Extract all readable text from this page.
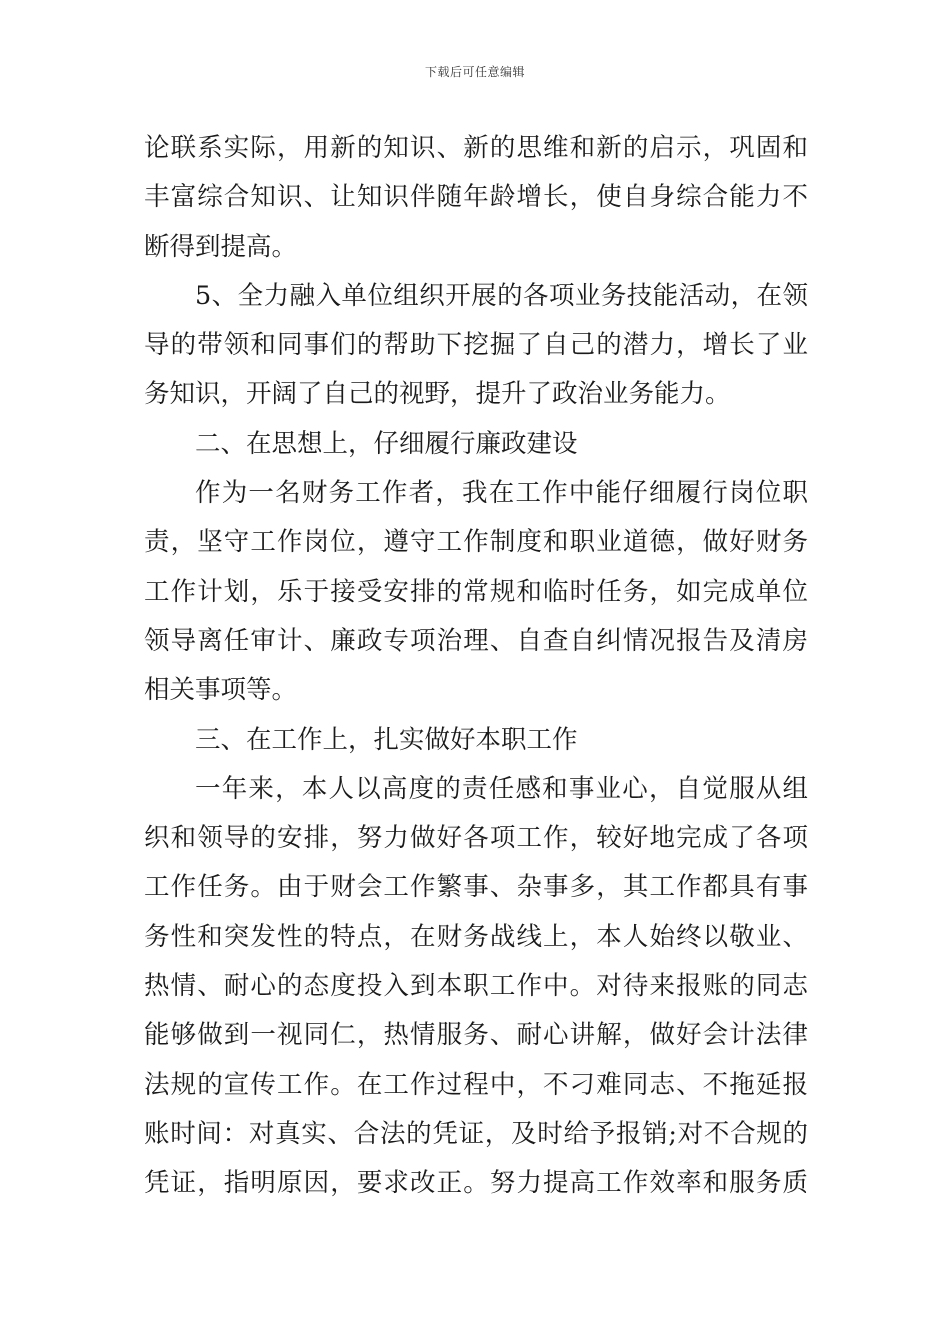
下载后可任意编辑
论联系实际，用新的知识、新的思维和新的启示，巩固和
丰富综合知识、让知识伴随年龄增长，使自身综合能力不
断得到提高。
5、全力融入单位组织开展的各项业务技能活动，在领
导的带领和同事们的帮助下挖掘了自己的潜力，增长了业
务知识，开阔了自己的视野，提升了政治业务能力。
二、在思想上，仔细履行廉政建设
作为一名财务工作者，我在工作中能仔细履行岗位职
责，坚守工作岗位，遵守工作制度和职业道德，做好财务
工作计划，乐于接受安排的常规和临时任务，如完成单位
领导离任审计、廉政专项治理、自查自纠情况报告及清房
相关事项等。
三、在工作上，扎实做好本职工作
一年来，本人以高度的责任感和事业心，自觉服从组
织和领导的安排，努力做好各项工作，较好地完成了各项
工作任务。由于财会工作繁事、杂事多，其工作都具有事
务性和突发性的特点，在财务战线上，本人始终以敬业、
热情、耐心的态度投入到本职工作中。对待来报账的同志
能够做到一视同仁，热情服务、耐心讲解，做好会计法律
法规的宣传工作。在工作过程中，不刁难同志、不拖延报
账时间：对真实、合法的凭证，及时给予报销;对不合规的
凭证，指明原因，要求改正。努力提高工作效率和服务质
